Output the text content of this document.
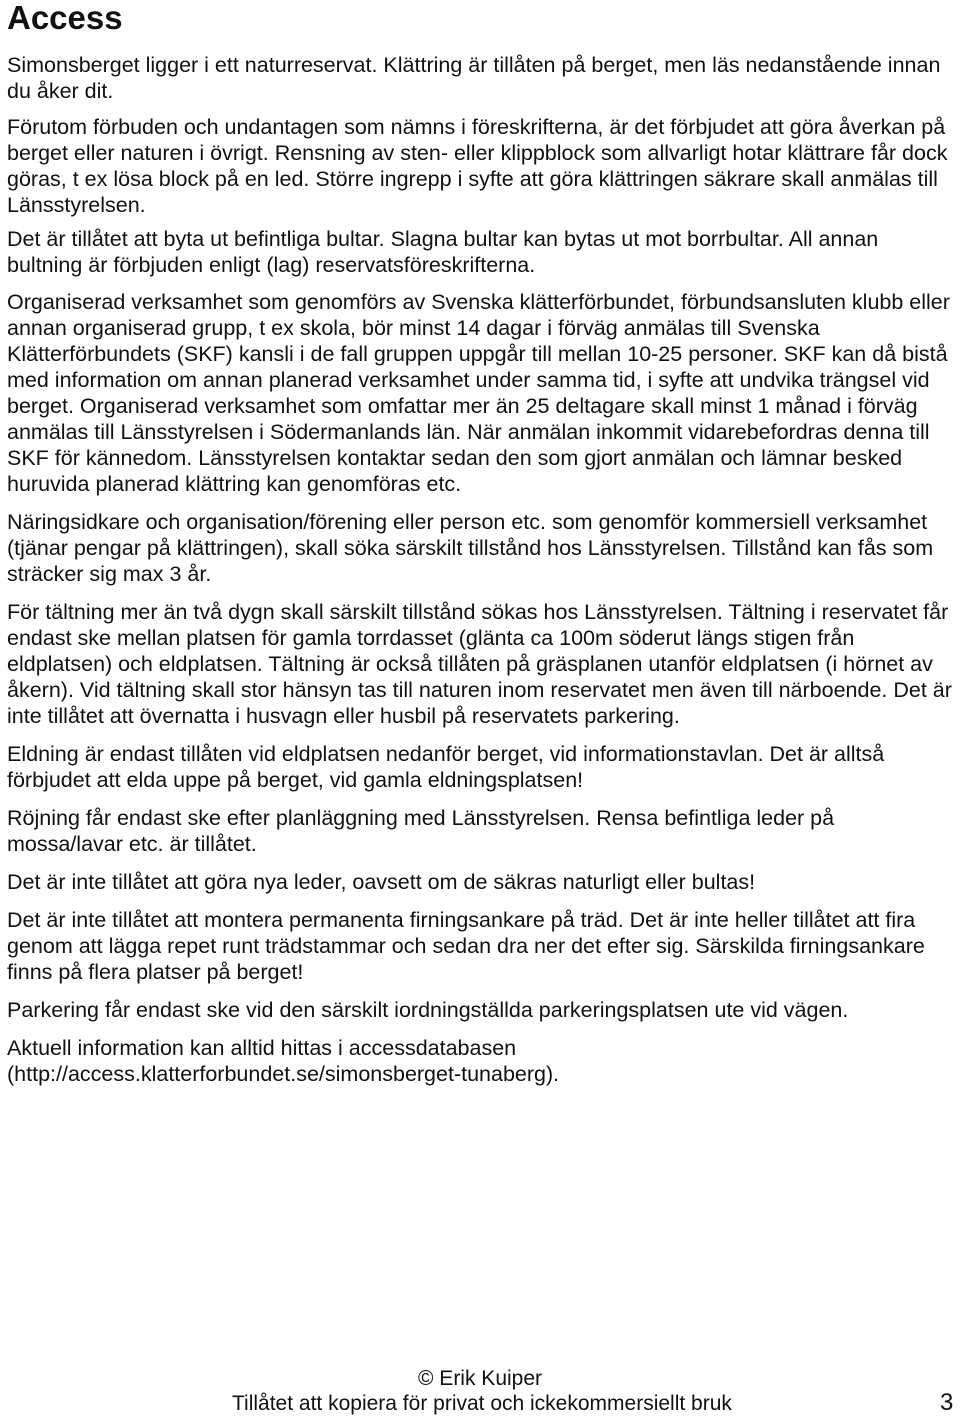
Access

Simonsberget ligger i ett naturreservat. Klättring är tillåten på berget, men läs nedanstående innan du åker dit.

Förutom förbuden och undantagen som nämns i föreskrifterna, är det förbjudet att göra åverkan på berget eller naturen i övrigt. Rensning av sten- eller klippblock som allvarligt hotar klättrare får dock göras, t ex lösa block på en led. Större ingrepp i syfte att göra klättringen säkrare skall anmälas till Länsstyrelsen.

Det är tillåtet att byta ut befintliga bultar. Slagna bultar kan bytas ut mot borrbultar. All annan bultning är förbjuden enligt (lag) reservatsföreskrifterna.

Organiserad verksamhet som genomförs av Svenska klätterförbundet, förbundsansluten klubb eller annan organiserad grupp, t ex skola, bör minst 14 dagar i förväg anmälas till Svenska Klätterförbundets (SKF) kansli i de fall gruppen uppgår till mellan 10-25 personer. SKF kan då bistå med information om annan planerad verksamhet under samma tid, i syfte att undvika trängsel vid berget. Organiserad verksamhet som omfattar mer än 25 deltagare skall minst 1 månad i förväg anmälas till Länsstyrelsen i Södermanlands län. När anmälan inkommit vidarebefordras denna till SKF för kännedom. Länsstyrelsen kontaktar sedan den som gjort anmälan och lämnar besked huruvida planerad klättring kan genomföras etc.

Näringsidkare och organisation/förening eller person etc. som genomför kommersiell verksamhet (tjänar pengar på klättringen), skall söka särskilt tillstånd hos Länsstyrelsen. Tillstånd kan fås som sträcker sig max 3 år.

För tältning mer än två dygn skall särskilt tillstånd sökas hos Länsstyrelsen. Tältning i reservatet får endast ske mellan platsen för gamla torrdasset (glänta ca 100m söderut längs stigen från eldplatsen) och eldplatsen. Tältning är också tillåten på gräsplanen utanför eldplatsen (i hörnet av åkern). Vid tältning skall stor hänsyn tas till naturen inom reservatet men även till närboende. Det är inte tillåtet att övernatta i husvagn eller husbil på reservatets parkering.

Eldning är endast tillåten vid eldplatsen nedanför berget, vid informationstavlan. Det är alltså förbjudet att elda uppe på berget, vid gamla eldningsplatsen!

Röjning får endast ske efter planläggning med Länsstyrelsen. Rensa befintliga leder på mossa/lavar etc. är tillåtet.

Det är inte tillåtet att göra nya leder, oavsett om de säkras naturligt eller bultas!

Det är inte tillåtet att montera permanenta firningsankare på träd. Det är inte heller tillåtet att fira genom att lägga repet runt trädstammar och sedan dra ner det efter sig. Särskilda firningsankare finns på flera platser på berget!

Parkering får endast ske vid den särskilt iordningställda parkeringsplatsen ute vid vägen.

Aktuell information kan alltid hittas i accessdatabasen (http://access.klatterforbundet.se/simonsberget-tunaberg).

© Erik Kuiper
Tillåtet att kopiera för privat och ickekommersiellt bruk	3
